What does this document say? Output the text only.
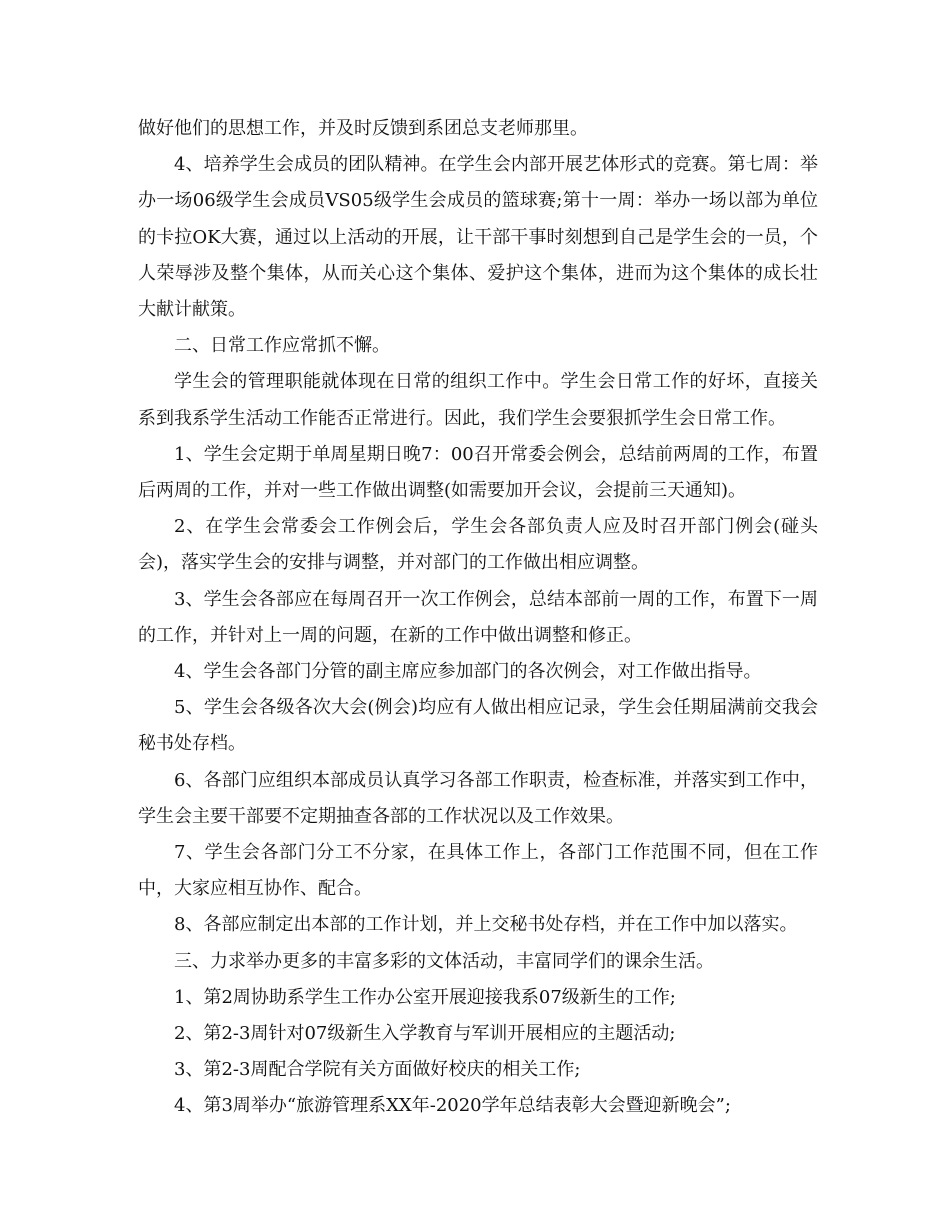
做好他们的思想工作，并及时反馈到系团总支老师那里。

4、培养学生会成员的团队精神。在学生会内部开展艺体形式的竞赛。第七周：举办一场06级学生会成员VS05级学生会成员的篮球赛;第十一周：举办一场以部为单位的卡拉OK大赛，通过以上活动的开展，让干部干事时刻想到自己是学生会的一员，个人荣辱涉及整个集体，从而关心这个集体、爱护这个集体，进而为这个集体的成长壮大献计献策。

二、日常工作应常抓不懈。

学生会的管理职能就体现在日常的组织工作中。学生会日常工作的好坏，直接关系到我系学生活动工作能否正常进行。因此，我们学生会要狠抓学生会日常工作。

1、学生会定期于单周星期日晚7：00召开常委会例会，总结前两周的工作，布置后两周的工作，并对一些工作做出调整(如需要加开会议，会提前三天通知)。

2、在学生会常委会工作例会后，学生会各部负责人应及时召开部门例会(碰头会)，落实学生会的安排与调整，并对部门的工作做出相应调整。

3、学生会各部应在每周召开一次工作例会，总结本部前一周的工作，布置下一周的工作，并针对上一周的问题，在新的工作中做出调整和修正。

4、学生会各部门分管的副主席应参加部门的各次例会，对工作做出指导。

5、学生会各级各次大会(例会)均应有人做出相应记录，学生会任期届满前交我会秘书处存档。

6、各部门应组织本部成员认真学习各部工作职责，检查标准，并落实到工作中，学生会主要干部要不定期抽查各部的工作状况以及工作效果。

7、学生会各部门分工不分家，在具体工作上，各部门工作范围不同，但在工作中，大家应相互协作、配合。

8、各部应制定出本部的工作计划，并上交秘书处存档，并在工作中加以落实。

三、力求举办更多的丰富多彩的文体活动，丰富同学们的课余生活。

1、第2周协助系学生工作办公室开展迎接我系07级新生的工作;

2、第2-3周针对07级新生入学教育与军训开展相应的主题活动;

3、第2-3周配合学院有关方面做好校庆的相关工作;

4、第3周举办“旅游管理系XX年-2020学年总结表彰大会暨迎新晚会”;
